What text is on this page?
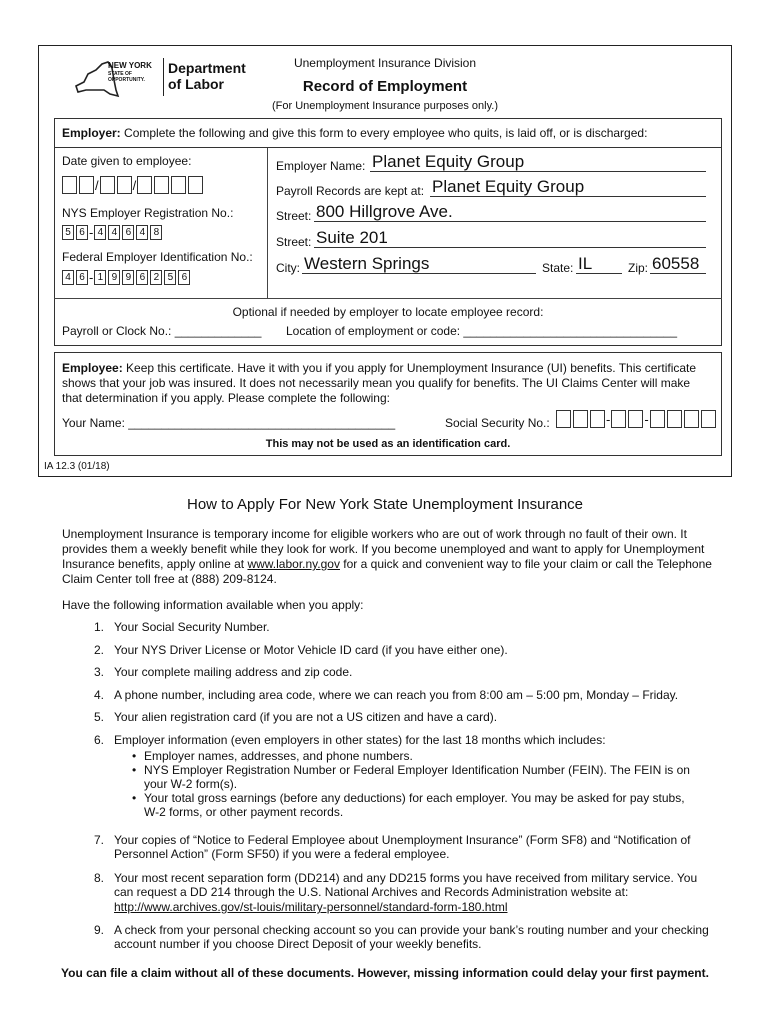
NEW YORK
STATE OF
OPPORTUNITY.
Department
of Labor
Unemployment Insurance Division
Record of Employment
(For Unemployment Insurance purposes only.)
Employer: Complete the following and give this form to every employee who quits, is laid off, or is discharged:
Date given to employee:
/	/
NYS Employer Registration No.:
5 6 - 4 4 6 4 8
Federal Employer Identification No.:
4 6 - 1 9 9 6 2 5 6
Employer Name: Planet Equity Group
Payroll Records are kept at: Planet Equity Group
Street: 800 Hillgrove Ave.
Street: Suite 201
City: Western Springs	State: IL	Zip: 60558
Optional if needed by employer to locate employee record:
Payroll or Clock No.: _____________ Location of employment or code: ________________________________
Employee: Keep this certificate. Have it with you if you apply for Unemployment Insurance (UI) benefits. This certificate shows that your job was insured. It does not necessarily mean you qualify for benefits. The UI Claims Center will make that determination if you apply. Please complete the following:
Your Name: ________________________________________	Social Security No.:	-	-
This may not be used as an identification card.
IA 12.3 (01/18)
How to Apply For New York State Unemployment Insurance
Unemployment Insurance is temporary income for eligible workers who are out of work through no fault of their own. It provides them a weekly benefit while they look for work. If you become unemployed and want to apply for Unemployment Insurance benefits, apply online at www.labor.ny.gov for a quick and convenient way to file your claim or call the Telephone Claim Center toll free at (888) 209-8124.
Have the following information available when you apply:
1. Your Social Security Number.
2. Your NYS Driver License or Motor Vehicle ID card (if you have either one).
3. Your complete mailing address and zip code.
4. A phone number, including area code, where we can reach you from 8:00 am – 5:00 pm, Monday – Friday.
5. Your alien registration card (if you are not a US citizen and have a card).
6. Employer information (even employers in other states) for the last 18 months which includes:
• Employer names, addresses, and phone numbers.
• NYS Employer Registration Number or Federal Employer Identification Number (FEIN). The FEIN is on your W-2 form(s).
• Your total gross earnings (before any deductions) for each employer. You may be asked for pay stubs, W-2 forms, or other payment records.
7. Your copies of “Notice to Federal Employee about Unemployment Insurance” (Form SF8) and “Notification of Personnel Action” (Form SF50) if you were a federal employee.
8. Your most recent separation form (DD214) and any DD215 forms you have received from military service. You can request a DD 214 through the U.S. National Archives and Records Administration website at:
http://www.archives.gov/st-louis/military-personnel/standard-form-180.html
9. A check from your personal checking account so you can provide your bank’s routing number and your checking account number if you choose Direct Deposit of your weekly benefits.
You can file a claim without all of these documents. However, missing information could delay your first payment.
